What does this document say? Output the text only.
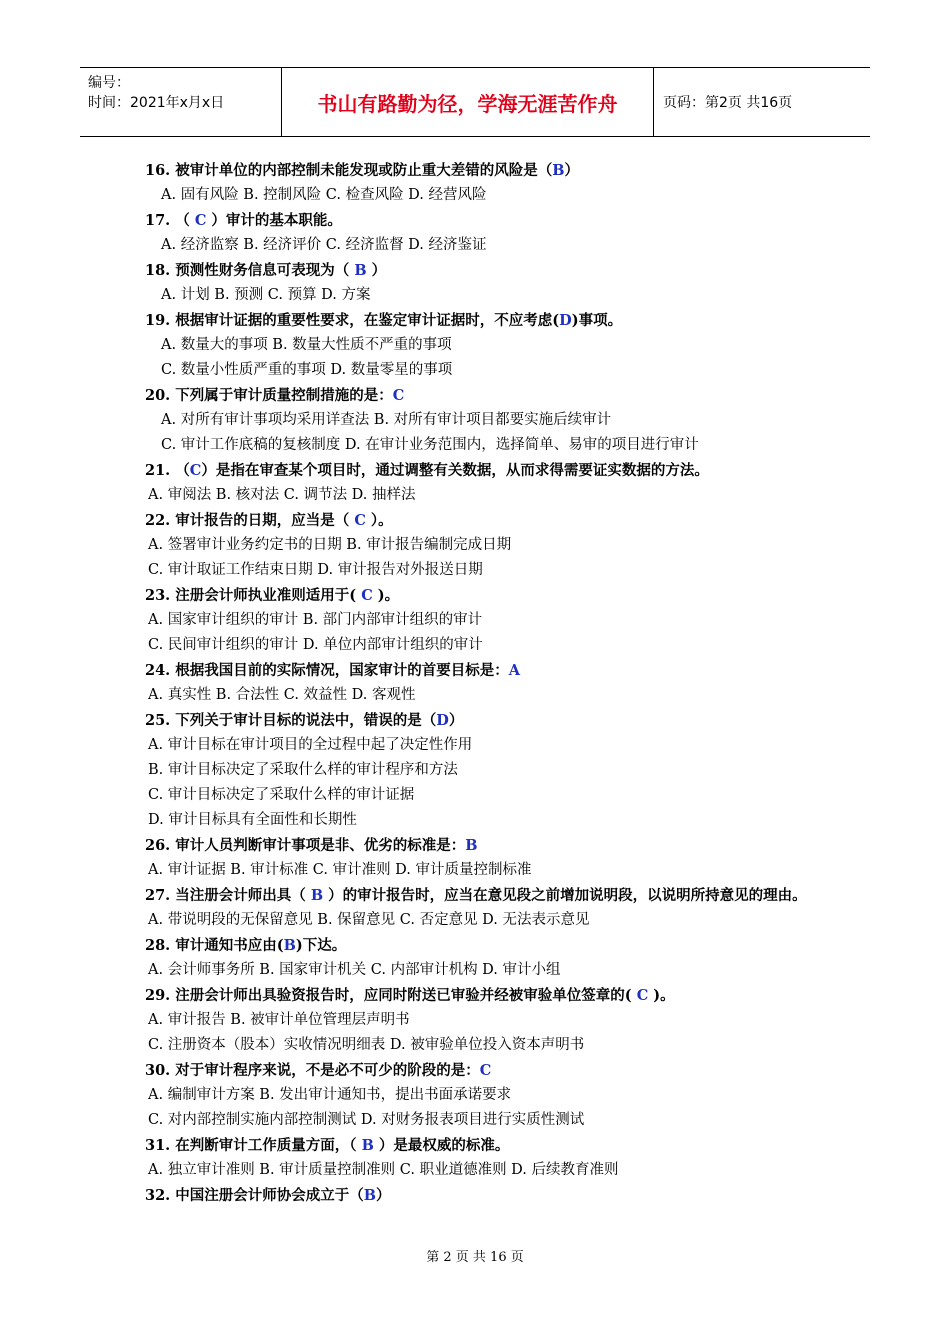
编号：
时间：2021年x月x日	书山有路勤为径，学海无涯苦作舟	页码：第2页 共16页
16. 被审计单位的内部控制未能发现或防止重大差错的风险是（B）
A. 固有风险 B. 控制风险 C. 检查风险 D. 经营风险
17. （ C ）审计的基本职能。
A. 经济监察 B. 经济评价 C. 经济监督 D. 经济鉴证
18. 预测性财务信息可表现为（ B ）
A. 计划 B. 预测 C. 预算 D. 方案
19. 根据审计证据的重要性要求，在鉴定审计证据时，不应考虑(D)事项。
A. 数量大的事项 B. 数量大性质不严重的事项
C. 数量小性质严重的事项 D. 数量零星的事项
20. 下列属于审计质量控制措施的是：C
A. 对所有审计事项均采用详查法 B. 对所有审计项目都要实施后续审计
C. 审计工作底稿的复核制度 D. 在审计业务范围内，选择简单、易审的项目进行审计
21. （C）是指在审查某个项目时，通过调整有关数据，从而求得需要证实数据的方法。
A. 审阅法 B. 核对法 C. 调节法 D. 抽样法
22. 审计报告的日期，应当是（ C ）。
A. 签署审计业务约定书的日期 B. 审计报告编制完成日期
C. 审计取证工作结束日期 D. 审计报告对外报送日期
23. 注册会计师执业准则适用于( C )。
A. 国家审计组织的审计 B. 部门内部审计组织的审计
C. 民间审计组织的审计 D. 单位内部审计组织的审计
24. 根据我国目前的实际情况，国家审计的首要目标是：A
A. 真实性 B. 合法性 C. 效益性 D. 客观性
25. 下列关于审计目标的说法中，错误的是（D）
A. 审计目标在审计项目的全过程中起了决定性作用
B. 审计目标决定了采取什么样的审计程序和方法
C. 审计目标决定了采取什么样的审计证据
D. 审计目标具有全面性和长期性
26. 审计人员判断审计事项是非、优劣的标准是：B
A. 审计证据 B. 审计标准 C. 审计准则 D. 审计质量控制标准
27. 当注册会计师出具（ B ）的审计报告时，应当在意见段之前增加说明段，以说明所持意见的理由。
A. 带说明段的无保留意见 B. 保留意见 C. 否定意见 D. 无法表示意见
28. 审计通知书应由(B)下达。
A. 会计师事务所 B. 国家审计机关 C. 内部审计机构 D. 审计小组
29. 注册会计师出具验资报告时，应同时附送已审验并经被审验单位签章的( C )。
A. 审计报告 B. 被审计单位管理层声明书
C. 注册资本（股本）实收情况明细表 D. 被审验单位投入资本声明书
30. 对于审计程序来说，不是必不可少的阶段的是：C
A. 编制审计方案 B. 发出审计通知书，提出书面承诺要求
C. 对内部控制实施内部控制测试 D. 对财务报表项目进行实质性测试
31. 在判断审计工作质量方面，（ B ）是最权威的标准。
A. 独立审计准则 B. 审计质量控制准则 C. 职业道德准则 D. 后续教育准则
32. 中国注册会计师协会成立于（B）
第 2 页 共 16 页
